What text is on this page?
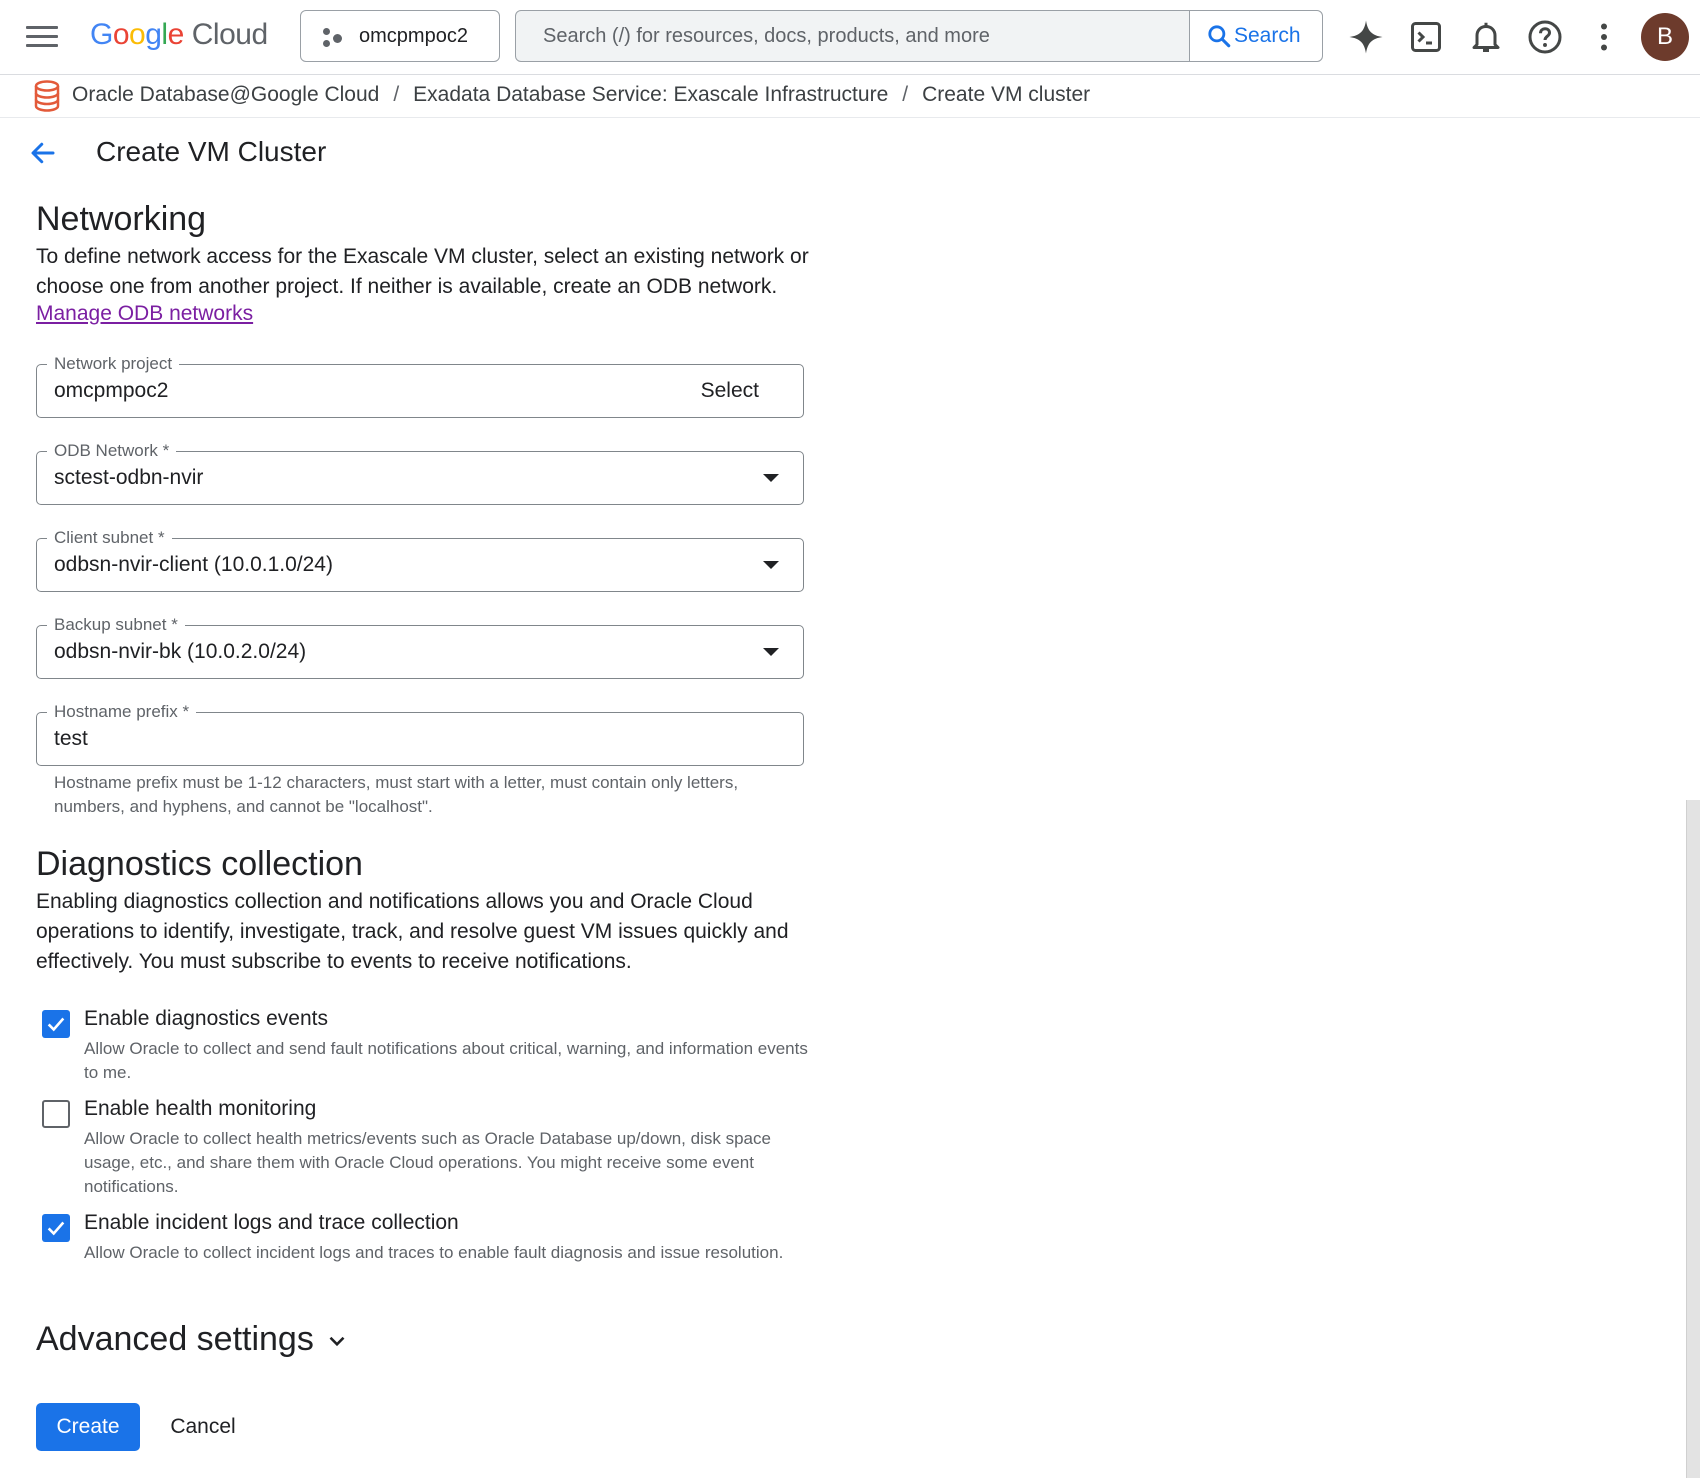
Google Cloud	omcpmpoc2	Search (/) for resources, docs, products, and more	Search	B
Oracle Database@Google Cloud / Exadata Database Service: Exascale Infrastructure / Create VM cluster
Create VM Cluster
Networking
To define network access for the Exascale VM cluster, select an existing network or choose one from another project. If neither is available, create an ODB network.
Manage ODB networks
Network project
omcpmpoc2	Select
ODB Network *
sctest-odbn-nvir
Client subnet *
odbsn-nvir-client (10.0.1.0/24)
Backup subnet *
odbsn-nvir-bk (10.0.2.0/24)
Hostname prefix *
test
Hostname prefix must be 1-12 characters, must start with a letter, must contain only letters, numbers, and hyphens, and cannot be "localhost".
Diagnostics collection
Enabling diagnostics collection and notifications allows you and Oracle Cloud operations to identify, investigate, track, and resolve guest VM issues quickly and effectively. You must subscribe to events to receive notifications.
Enable diagnostics events
Allow Oracle to collect and send fault notifications about critical, warning, and information events to me.
Enable health monitoring
Allow Oracle to collect health metrics/events such as Oracle Database up/down, disk space usage, etc., and share them with Oracle Cloud operations. You might receive some event notifications.
Enable incident logs and trace collection
Allow Oracle to collect incident logs and traces to enable fault diagnosis and issue resolution.
Advanced settings
Create	Cancel
